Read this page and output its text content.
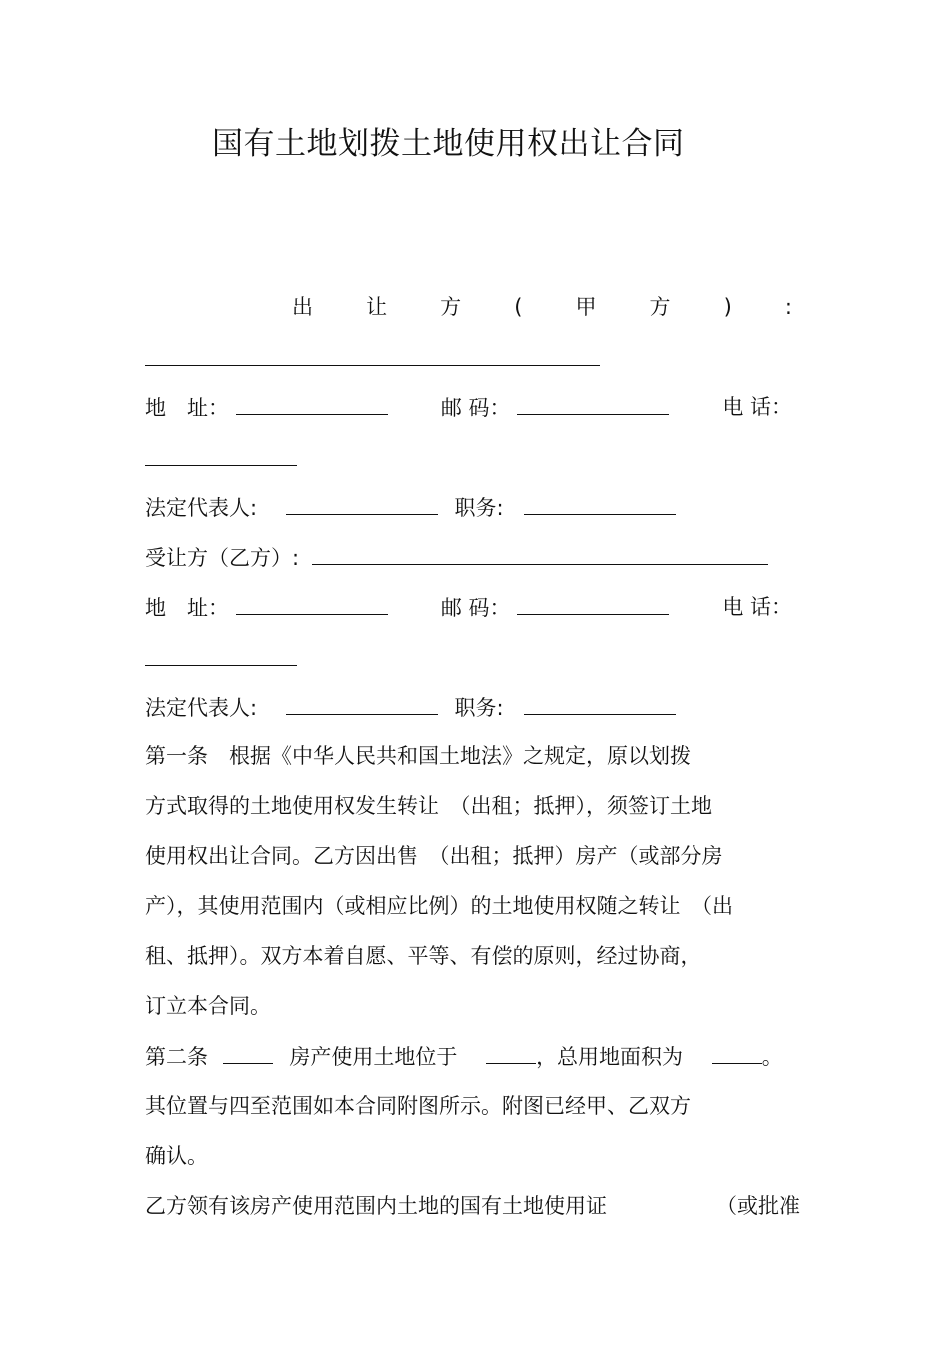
国有土地划拨土地使用权出让合同
出	让	方	(	甲	方	)	:
地　址：	邮 码：	电 话：
法定代表人:	职务:
受让方（乙方）:
地　址：	邮 码：	电 话：
法定代表人:	职务:
第一条　根据《中华人民共和国土地法》之规定，原以划拨
方式取得的土地使用权发生转让　（出租；抵押），须签订土地
使用权出让合同。乙方因出售　（出租；抵押）房产（或部分房
产），其使用范围内（或相应比例）的土地使用权随之转让　（出
租、抵押）。双方本着自愿、平等、有偿的原则，经过协商，
订立本合同。
第二条	房产使用土地位于	，总用地面积为	。
其位置与四至范围如本合同附图所示。附图已经甲、乙双方
确认。
乙方领有该房产使用范围内土地的国有土地使用证	（或批准
